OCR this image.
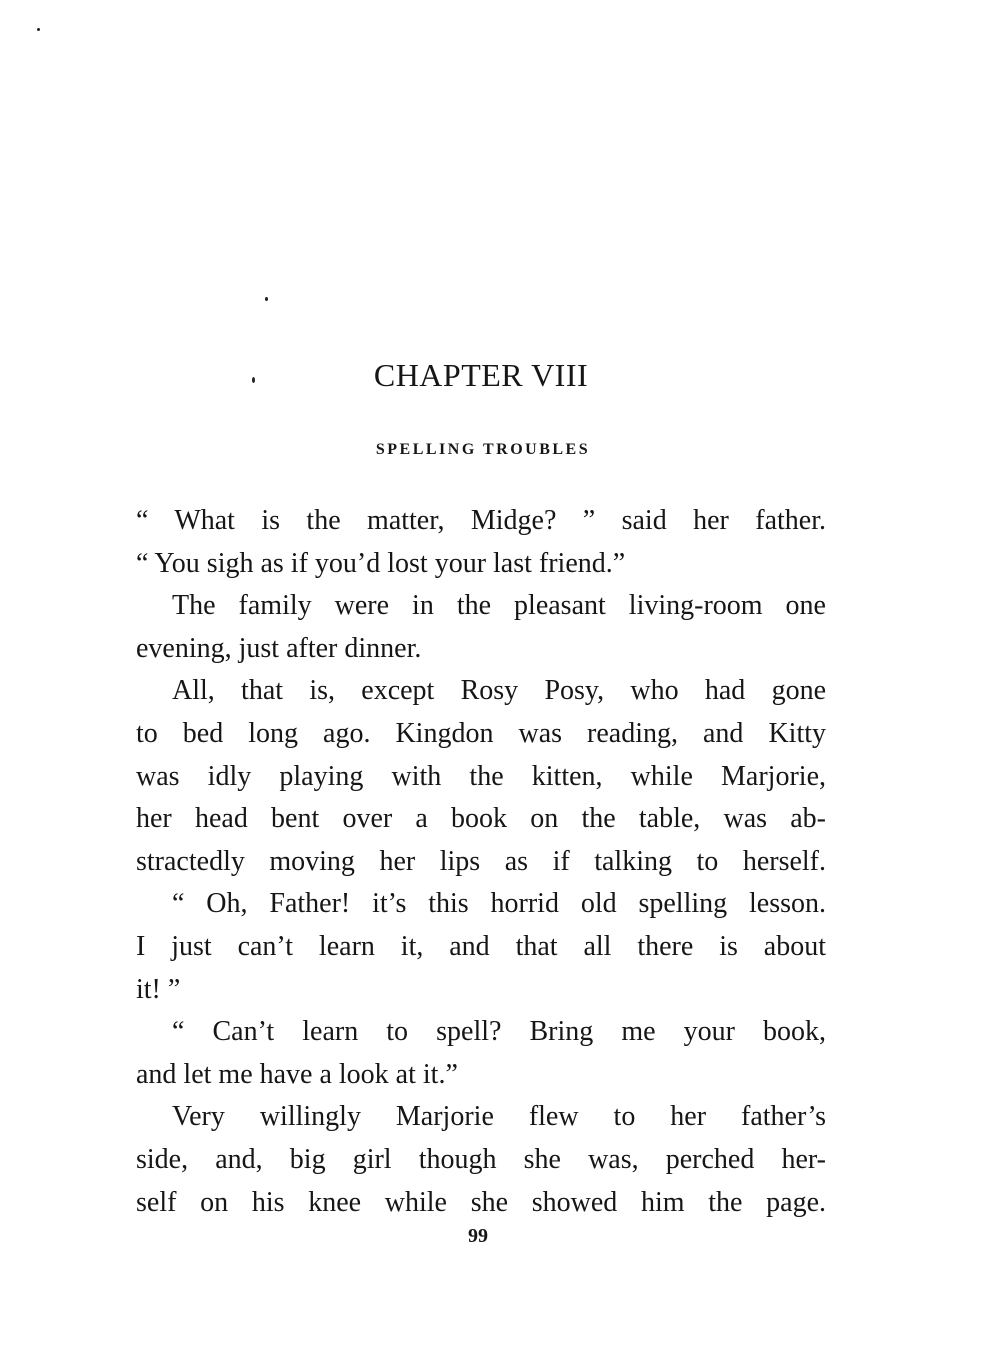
CHAPTER VIII
SPELLING TROUBLES
“ What is the matter, Midge? ” said her father.
“ You sigh as if you’d lost your last friend.”
The family were in the pleasant living-room one
evening, just after dinner.
All, that is, except Rosy Posy, who had gone
to bed long ago. Kingdon was reading, and Kitty
was idly playing with the kitten, while Marjorie,
her head bent over a book on the table, was ab-
stractedly moving her lips as if talking to herself.
“ Oh, Father! it’s this horrid old spelling lesson.
I just can’t learn it, and that all there is about
it! ”
“ Can’t learn to spell? Bring me your book,
and let me have a look at it.”
Very willingly Marjorie flew to her father’s
side, and, big girl though she was, perched her-
self on his knee while she showed him the page.
99
